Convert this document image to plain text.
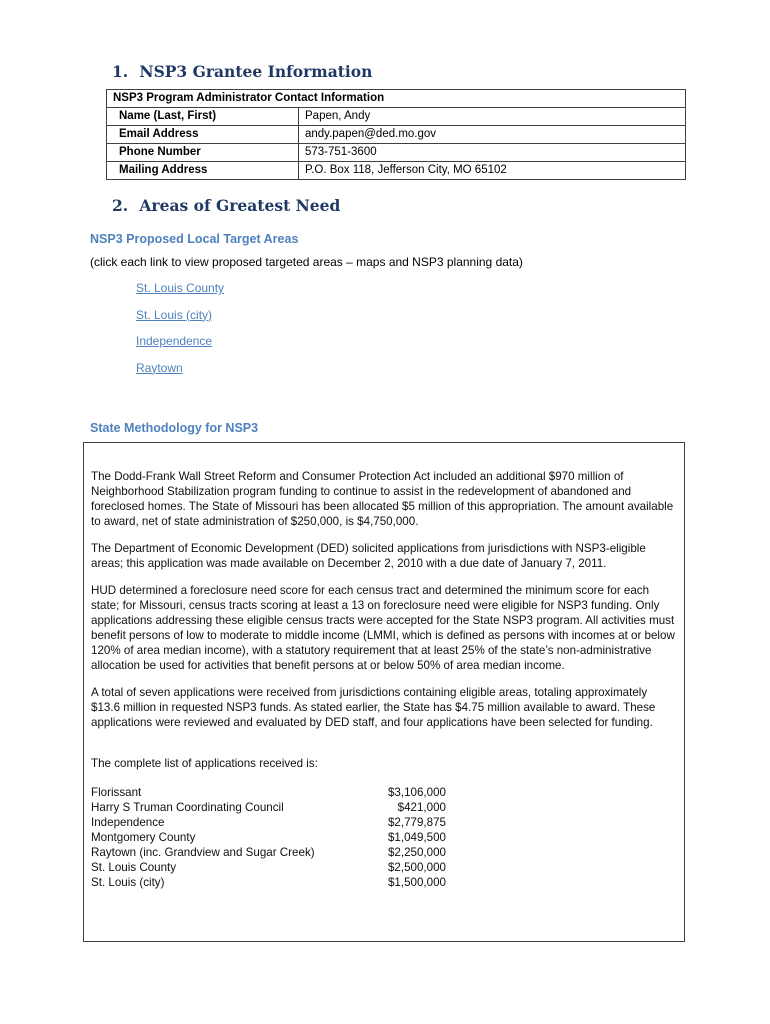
1. NSP3 Grantee Information
NSP3 Program Administrator Contact Information	
Name (Last, First)	Papen, Andy
Email Address	andy.papen@ded.mo.gov
Phone Number	573-751-3600
Mailing Address	P.O. Box 118, Jefferson City, MO 65102
2. Areas of Greatest Need
NSP3 Proposed Local Target Areas

(click each link to view proposed targeted areas – maps and NSP3 planning data)

St. Louis County
St. Louis (city)
Independence
Raytown
State Methodology for NSP3

The Dodd-Frank Wall Street Reform and Consumer Protection Act included an additional $970 million of Neighborhood Stabilization program funding to continue to assist in the redevelopment of abandoned and foreclosed homes. The State of Missouri has been allocated $5 million of this appropriation. The amount available to award, net of state administration of $250,000, is $4,750,000.

The Department of Economic Development (DED) solicited applications from jurisdictions with NSP3-eligible areas; this application was made available on December 2, 2010 with a due date of January 7, 2011.

HUD determined a foreclosure need score for each census tract and determined the minimum score for each state; for Missouri, census tracts scoring at least a 13 on foreclosure need were eligible for NSP3 funding. Only applications addressing these eligible census tracts were accepted for the State NSP3 program. All activities must benefit persons of low to moderate to middle income (LMMI, which is defined as persons with incomes at or below 120% of area median income), with a statutory requirement that at least 25% of the state’s non-administrative allocation be used for activities that benefit persons at or below 50% of area median income.

A total of seven applications were received from jurisdictions containing eligible areas, totaling approximately $13.6 million in requested NSP3 funds. As stated earlier, the State has $4.75 million available to award. These applications were reviewed and evaluated by DED staff, and four applications have been selected for funding.

The complete list of applications received is:

Florissant	$3,106,000
Harry S Truman Coordinating Council	$421,000
Independence	$2,779,875
Montgomery County	$1,049,500
Raytown (inc. Grandview and Sugar Creek)	$2,250,000
St. Louis County	$2,500,000
St. Louis (city)	$1,500,000
